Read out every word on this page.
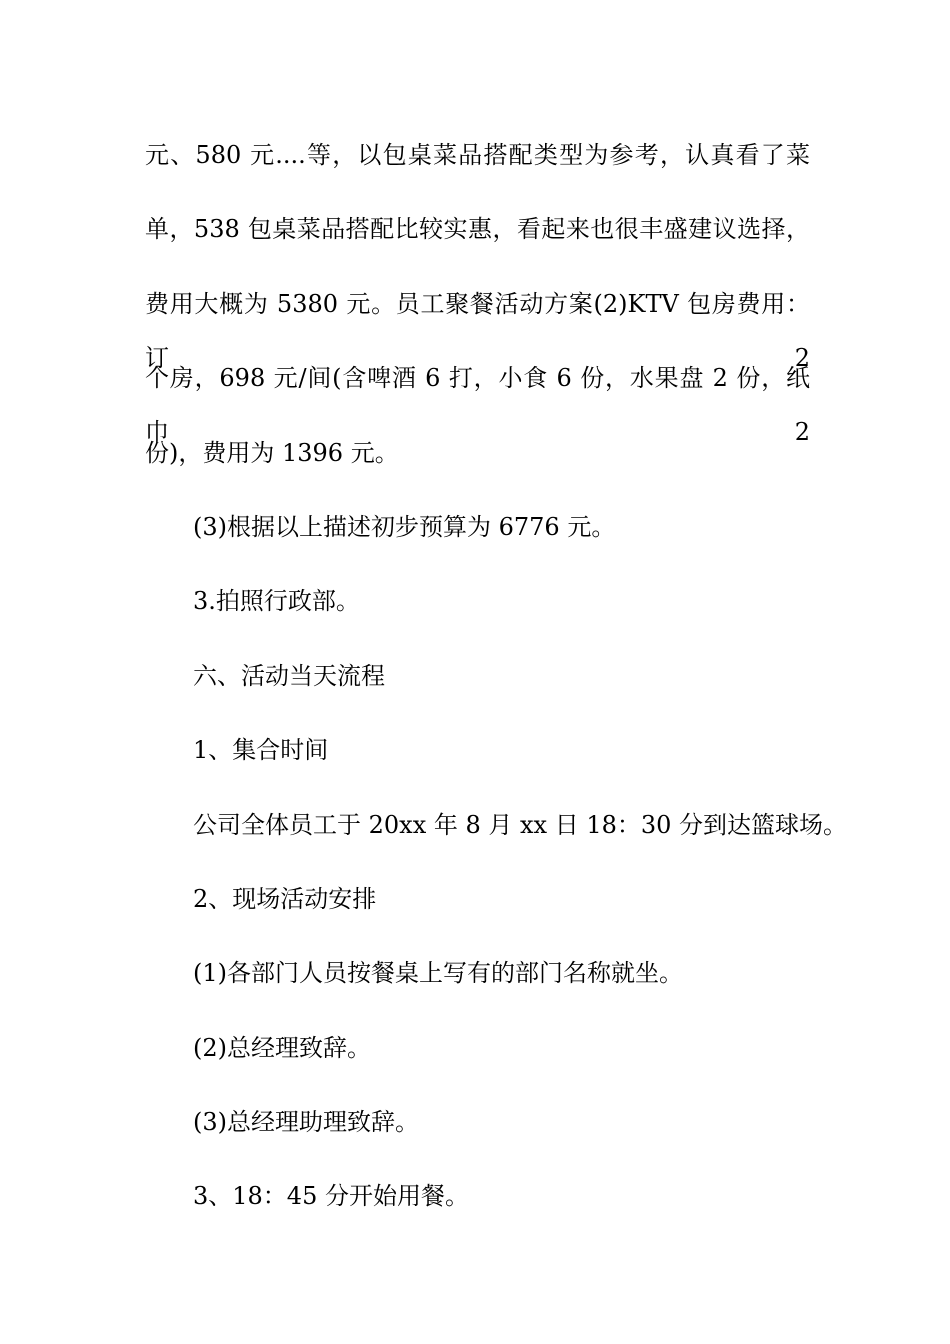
元、580 元....等，以包桌菜品搭配类型为参考，认真看了菜
单，538 包桌菜品搭配比较实惠，看起来也很丰盛建议选择，
费用大概为 5380 元。员工聚餐活动方案(2)KTV 包房费用：订 2
个房，698 元/间(含啤酒 6 打，小食 6 份，水果盘 2 份，纸巾 2
份)，费用为 1396 元。
(3)根据以上描述初步预算为 6776 元。
3.拍照行政部。
六、活动当天流程
1、集合时间
公司全体员工于 20xx 年 8 月 xx 日 18：30 分到达篮球场。
2、现场活动安排
(1)各部门人员按餐桌上写有的部门名称就坐。
(2)总经理致辞。
(3)总经理助理致辞。
3、18：45 分开始用餐。
